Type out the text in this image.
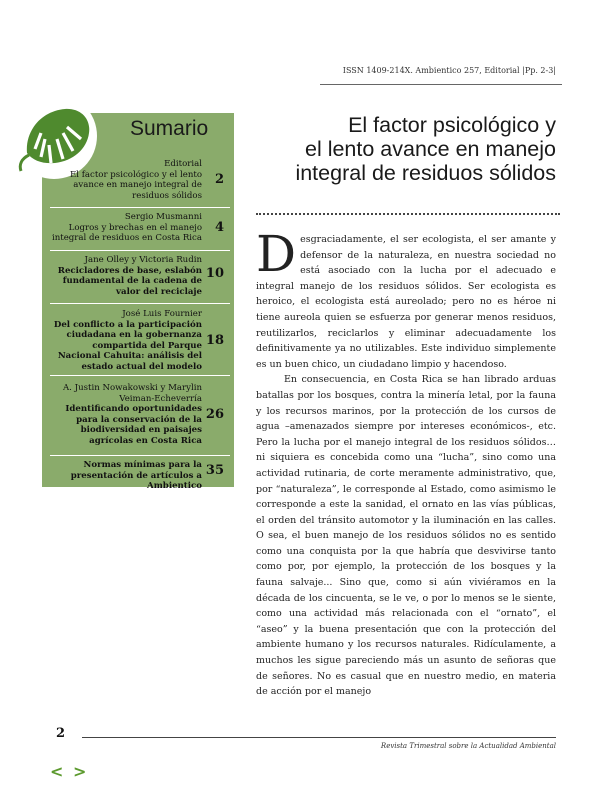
ISSN 1409-214X. Ambientico 257, Editorial |Pp. 2-3|
Sumario
Editorial
El factor psicológico y el lento avance en manejo integral de residuos sólidos
2
Sergio Musmanni
Logros y brechas en el manejo integral de residuos en Costa Rica
4
Jane Olley y Victoria Rudin
Recicladores de base, eslabón fundamental de la cadena de valor del reciclaje
10
José Luis Fournier
Del conflicto a la participación ciudadana en la gobernanza compartida del Parque Nacional Cahuita: análisis del estado actual del modelo
18
A. Justin Nowakowski y Marylin Veiman-Echeverría
Identificando oportunidades para la conservación de la biodiversidad en paisajes agrícolas en Costa Rica
26
Normas mínimas para la presentación de artículos a Ambientico
35
El factor psicológico y
el lento avance en manejo
integral de residuos sólidos

Desgraciadamente, el ser ecologista, el ser amante y defensor de la naturaleza, en nuestra sociedad no está asociado con la lucha por el adecuado e integral manejo de los residuos sólidos. Ser ecologista es heroico, el ecologista está aureolado; pero no es héroe ni tiene aureola quien se esfuerza por generar menos residuos, reutilizarlos, reciclarlos y eliminar adecuadamente los definitivamente ya no utilizables. Este individuo simplemente es un buen chico, un ciudadano limpio y hacendoso.

En consecuencia, en Costa Rica se han librado arduas batallas por los bosques, contra la minería letal, por la fauna y los recursos marinos, por la protección de los cursos de agua –amenazados siempre por intereses económicos-, etc. Pero la lucha por el manejo integral de los residuos sólidos… ni siquiera es concebida como una “lucha”, sino como una actividad rutinaria, de corte meramente administrativo, que, por “naturaleza”, le corresponde al Estado, como asimismo le corresponde a este la sanidad, el ornato en las vías públicas, el orden del tránsito automotor y la iluminación en las calles. O sea, el buen manejo de los residuos sólidos no es sentido como una conquista por la que habría que desvivirse tanto como por, por ejemplo, la protección de los bosques y la fauna salvaje... Sino que, como si aún viviéramos en la década de los cincuenta, se le ve, o por lo menos se le siente, como una actividad más relacionada con el “ornato”, el “aseo” y la buena presentación que con la protección del ambiente humano y los recursos naturales. Ridículamente, a muchos les sigue pareciendo más un asunto de señoras que de señores. No es casual que en nuestro medio, en materia de acción por el manejo

2
Revista Trimestral sobre la Actualidad Ambiental
< >
